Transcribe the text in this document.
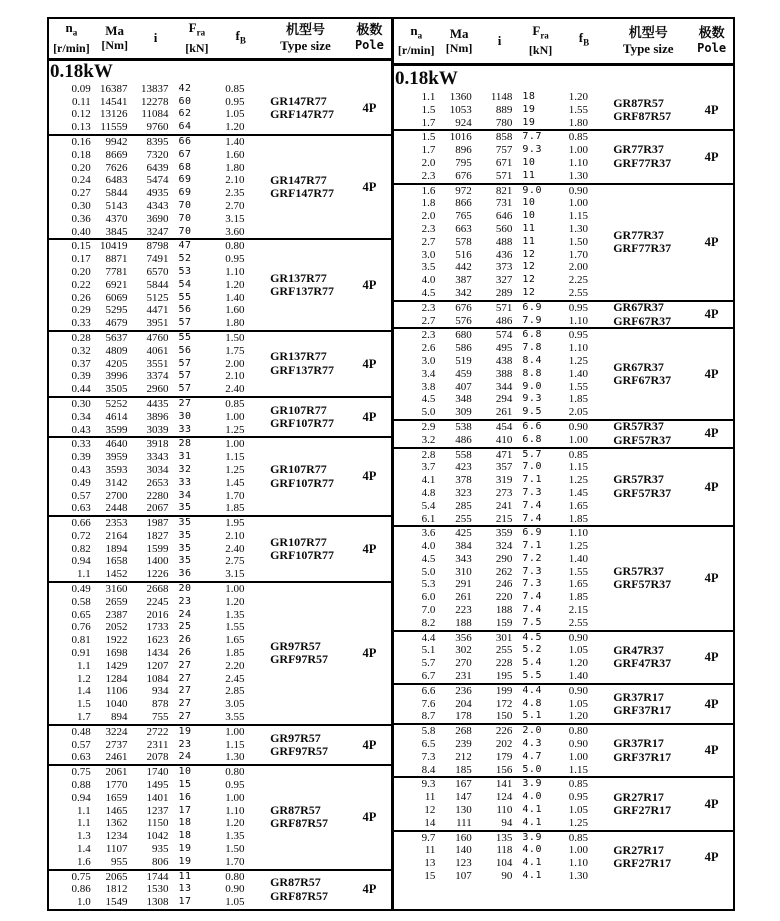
$n_a$
[r/min]
Ma
[Nm]	i
$F_{ra}$
[kN]
$f_B$
机型号
Type size
极数
Pole
0.18kW
0.09 16387	13837	42	0.85
0.11 14541	12278	60	0.95
0.12 13126	11084	62	1.05
0.13 11559	9760	64	1.20
GR147R77
GRF147R77	4P
0.16	9942	8395	66	1.40
0.18	8669	7320	67	1.60
0.20	7626	6439	68	1.80
0.24	6483	5474	69	2.10
0.27	5844	4935	69	2.35
0.30	5143	4343	70	2.70
0.36	4370	3690	70	3.15
0.40	3845	3247	70	3.60
GR147R77
GRF147R77	4P
0.15 10419	8798	47	0.80
0.17	8871	7491	52	0.95
0.20	7781	6570	53	1.10
0.22	6921	5844	54	1.20
0.26	6069	5125	55	1.40
0.29	5295	4471	56	1.60
0.33	4679	3951	57	1.80
GR137R77
GRF137R77	4P
0.28	5637	4760	55	1.50
0.32	4809	4061	56	1.75
0.37	4205	3551	57	2.00
0.39	3996	3374	57	2.10
0.44	3505	2960	57	2.40
GR137R77
GRF137R77	4P
0.30	5252	4435	27	0.85
0.34	4614	3896	30	1.00
0.43	3599	3039	33	1.25
GR107R77
GRF107R77	4P
0.33	4640	3918	28	1.00
0.39	3959	3343	31	1.15
0.43	3593	3034	32	1.25
0.49	3142	2653	33	1.45
0.57	2700	2280	34	1.70
0.63	2448	2067	35	1.85
GR107R77
GRF107R77	4P
0.66	2353	1987	35	1.95
0.72	2164	1827	35	2.10
0.82	1894	1599	35	2.40
0.94	1658	1400	35	2.75
1.1	1452	1226	36	3.15
GR107R77
GRF107R77	4P
0.49	3160	2668	20	1.00
0.58	2659	2245	23	1.20
0.65	2387	2016	24	1.35
0.76	2052	1733	25	1.55
0.81	1922	1623	26	1.65
0.91	1698	1434	26	1.85
1.1	1429	1207	27	2.20
1.2	1284	1084	27	2.45
1.4	1106	934	27	2.85
1.5	1040	878	27	3.05
1.7	894	755	27	3.55
GR97R57
GRF97R57	4P
0.48	3224	2722	19	1.00
0.57	2737	2311	23	1.15
0.63	2461	2078	24	1.30
GR97R57
GRF97R57	4P
0.75	2061	1740	10	0.80
0.88	1770	1495	15	0.95
0.94	1659	1401	16	1.00
1.1	1465	1237	17	1.10
1.1	1362	1150	18	1.20
1.3	1234	1042	18	1.35
1.4	1107	935	19	1.50
1.6	955	806	19	1.70
GR87R57
GRF87R57	4P
0.75	2065	1744	11	0.80
0.86	1812	1530	13	0.90
1.0	1549	1308	17	1.05
GR87R57
GRF87R57	4P
$n_a$
[r/min]
Ma
[Nm]	i
$F_{ra}$
[kN]
$f_B$
机型号
Type size
极数
Pole
0.18kW
1.1	1360	1148	18	1.20
1.5	1053	889	19	1.55
1.7	924	780	19	1.80
GR87R57
GRF87R57	4P
1.5	1016	858	7.7	0.85
1.7	896	757	9.3	1.00
2.0	795	671	10	1.10
2.3	676	571	11	1.30
GR77R37
GRF77R37	4P
1.6	972	821	9.0	0.90
1.8	866	731	10	1.00
2.0	765	646	10	1.15
2.3	663	560	11	1.30
2.7	578	488	11	1.50
3.0	516	436	12	1.70
3.5	442	373	12	2.00
4.0	387	327	12	2.25
4.5	342	289	12	2.55
GR77R37
GRF77R37	4P
2.3	676	571	6.9	0.95
2.7	576	486	7.9	1.10
GR67R37
GRF67R37	4P
2.3	680	574	6.8	0.95
2.6	586	495	7.8	1.10
3.0	519	438	8.4	1.25
3.4	459	388	8.8	1.40
3.8	407	344	9.0	1.55
4.5	348	294	9.3	1.85
5.0	309	261	9.5	2.05
GR67R37
GRF67R37	4P
2.9	538	454	6.6	0.90
3.2	486	410	6.8	1.00
GR57R37
GRF57R37	4P
2.8	558	471	5.7	0.85
3.7	423	357	7.0	1.15
4.1	378	319	7.1	1.25
4.8	323	273	7.3	1.45
5.4	285	241	7.4	1.65
6.1	255	215	7.4	1.85
GR57R37
GRF57R37	4P
3.6	425	359	6.9	1.10
4.0	384	324	7.1	1.25
4.5	343	290	7.2	1.40
5.0	310	262	7.3	1.55
5.3	291	246	7.3	1.65
6.0	261	220	7.4	1.85
7.0	223	188	7.4	2.15
8.2	188	159	7.5	2.55
GR57R37
GRF57R37	4P
4.4	356	301	4.5	0.90
5.1	302	255	5.2	1.05
5.7	270	228	5.4	1.20
6.7	231	195	5.5	1.40
GR47R37
GRF47R37	4P
6.6	236	199	4.4	0.90
7.6	204	172	4.8	1.05
8.7	178	150	5.1	1.20
GR37R17
GRF37R17	4P
5.8	268	226	2.0	0.80
6.5	239	202	4.3	0.90
7.3	212	179	4.7	1.00
8.4	185	156	5.0	1.15
GR37R17
GRF37R17	4P
9.3	167	141	3.9	0.85
11	147	124	4.0	0.95
12	130	110	4.1	1.05
14	111	94	4.1	1.25
GR27R17
GRF27R17	4P
9.7	160	135	3.9	0.85
11	140	118	4.0	1.00
13	123	104	4.1	1.10
15	107	90	4.1	1.30
GR27R17
GRF27R17	4P
